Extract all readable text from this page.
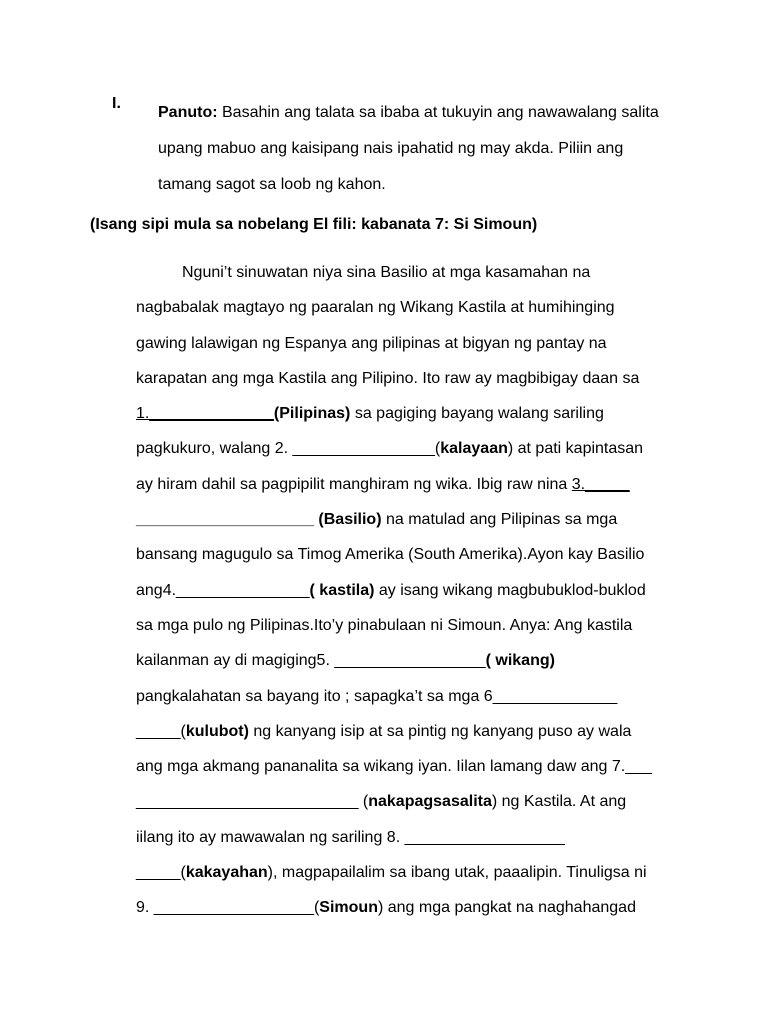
I.
Panuto: Basahin ang talata sa ibaba at tukuyin ang nawawalang salita upang mabuo ang kaisipang nais ipahatid ng may akda. Piliin ang tamang sagot sa loob ng kahon.
(Isang sipi mula sa nobelang El fili: kabanata 7: Si Simoun)
Nguni’t sinuwatan niya sina Basilio at mga kasamahan na
nagbabalak magtayo ng paaralan ng Wikang Kastila at humihinging
gawing lalawigan ng Espanya ang pilipinas at bigyan ng pantay na
karapatan ang mga Kastila ang Pilipino. Ito raw ay magbibigay daan sa
1.______________(Pilipinas) sa pagiging bayang walang sariling
pagkukuro, walang 2. ________________(kalayaan) at pati kapintasan
ay hiram dahil sa pagpipilit manghiram ng wika. Ibig raw nina 3._____
____________________ (Basilio) na matulad ang Pilipinas sa mga
bansang magugulo sa Timog Amerika (South Amerika).Ayon kay Basilio
ang4._______________( kastila) ay isang wikang magbubuklod-buklod
sa mga pulo ng Pilipinas.Ito’y pinabulaan ni Simoun. Anya: Ang kastila
kailanman ay di magiging5. _________________( wikang)
pangkalahatan sa bayang ito ; sapagka’t sa mga 6______________
_____(kulubot) ng kanyang isip at sa pintig ng kanyang puso ay wala
ang mga akmang pananalita sa wikang iyan. Iilan lamang daw ang 7.___
_________________________ (nakapagsasalita) ng Kastila. At ang
iilang ito ay mawawalan ng sariling 8. __________________
_____(kakayahan), magpapailalim sa ibang utak, paaalipin. Tinuligsa ni
9. __________________(Simoun) ang mga pangkat na naghahangad
